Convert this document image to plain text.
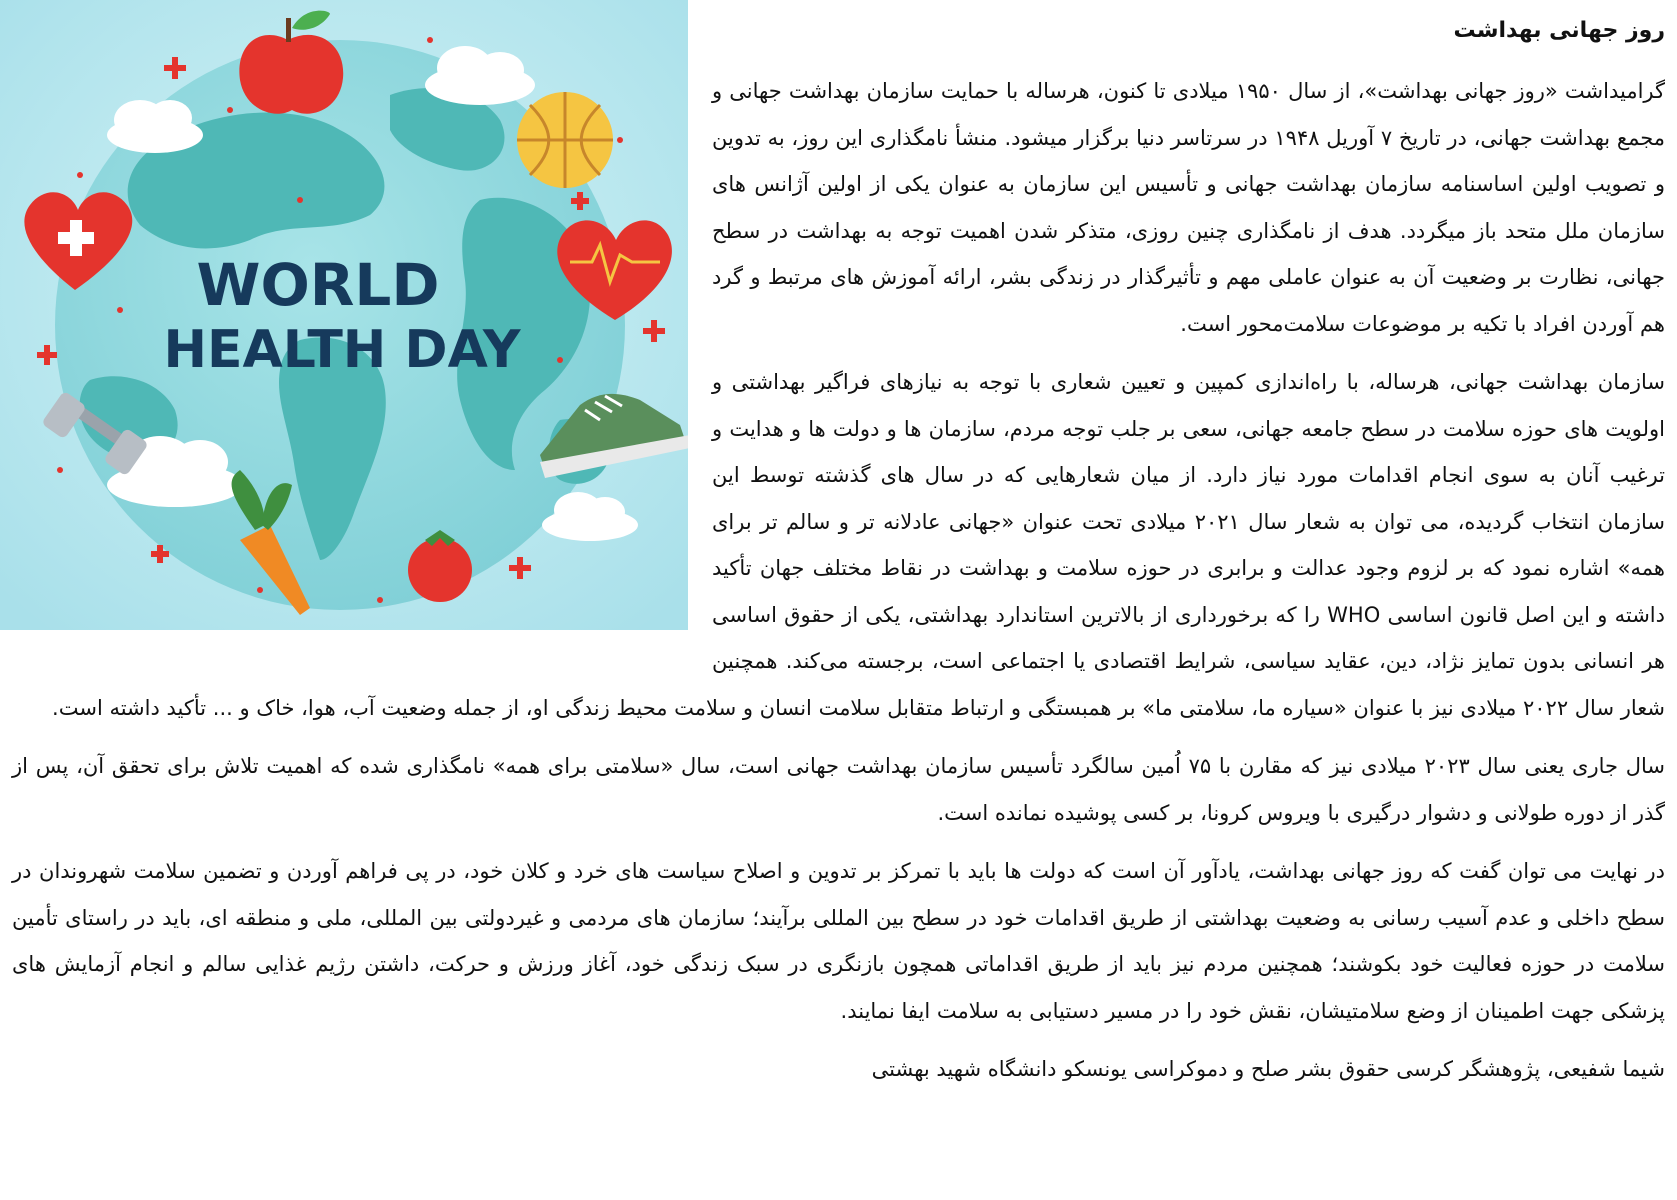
روز جهانی بهداشت

گرامیداشت «روز جهانی بهداشت»، از سال ۱۹۵۰ میلادی تا کنون، هرساله با حمایت سازمان بهداشت جهانی و مجمع بهداشت جهانی، در تاریخ ۷ آوریل ۱۹۴۸ در سرتاسر دنیا برگزار میشود. منشأ نامگذاری این روز، به تدوین و تصویب اولین اساسنامه سازمان بهداشت جهانی و تأسیس این سازمان به عنوان یکی از اولین آژانس های سازمان ملل متحد باز میگردد. هدف از نامگذاری چنین روزی، متذکر شدن اهمیت توجه به بهداشت در سطح جهانی، نظارت بر وضعیت آن به عنوان عاملی مهم و تأثیرگذار در زندگی بشر، ارائه آموزش های مرتبط و گرد هم آوردن افراد با تکیه بر موضوعات سلامت‌محور است.

سازمان بهداشت جهانی، هرساله، با راه‌اندازی کمپین و تعیین شعاری با توجه به نیازهای فراگیر بهداشتی و اولویت های حوزه سلامت در سطح جامعه جهانی، سعی بر جلب توجه مردم، سازمان ها و دولت ها و هدایت و ترغیب آنان به سوی انجام اقدامات مورد نیاز دارد. از میان شعارهایی که در سال های گذشته توسط این سازمان انتخاب گردیده، می توان به شعار سال ۲۰۲۱ میلادی تحت عنوان «جهانی عادلانه تر و سالم تر برای همه» اشاره نمود که بر لزوم وجود عدالت و برابری در حوزه سلامت و بهداشت در نقاط مختلف جهان تأکید داشته و این اصل قانون اساسی WHO را که برخورداری از بالاترین استاندارد بهداشتی، یکی از حقوق اساسی هر انسانی بدون تمایز نژاد، دین، عقاید سیاسی، شرایط اقتصادی یا اجتماعی است، برجسته می‌کند. همچنین شعار سال ۲۰۲۲ میلادی نیز با عنوان «سیاره ما، سلامتی ما» بر همبستگی و ارتباط متقابل سلامت انسان و سلامت محیط زندگی او، از جمله وضعیت آب، هوا، خاک و ... تأکید داشته است.

سال جاری یعنی سال ۲۰۲۳ میلادی نیز که مقارن با ۷۵ اُمین سالگرد تأسیس سازمان بهداشت جهانی است، سال «سلامتی برای همه» نامگذاری شده که اهمیت تلاش برای تحقق آن، پس از گذر از دوره طولانی و دشوار درگیری با ویروس کرونا، بر کسی پوشیده نمانده است.

در نهایت می توان گفت که روز جهانی بهداشت، یادآور آن است که دولت ها باید با تمرکز بر تدوین و اصلاح سیاست های خرد و کلان خود، در پی فراهم آوردن و تضمین سلامت شهروندان در سطح داخلی و عدم آسیب رسانی به وضعیت بهداشتی از طریق اقدامات خود در سطح بین المللی برآیند؛ سازمان های مردمی و غیردولتی بین المللی، ملی و منطقه ای، باید در راستای تأمین سلامت در حوزه فعالیت خود بکوشند؛ همچنین مردم نیز باید از طریق اقداماتی همچون بازنگری در سبک زندگی خود، آغاز ورزش و حرکت، داشتن رژیم غذایی سالم و انجام آزمایش های پزشکی جهت اطمینان از وضع سلامتیشان، نقش خود را در مسیر دستیابی به سلامت ایفا نمایند.

شیما شفیعی، پژوهشگر کرسی حقوق بشر صلح و دموکراسی یونسکو دانشگاه شهید بهشتی

WORLD
HEALTH DAY
